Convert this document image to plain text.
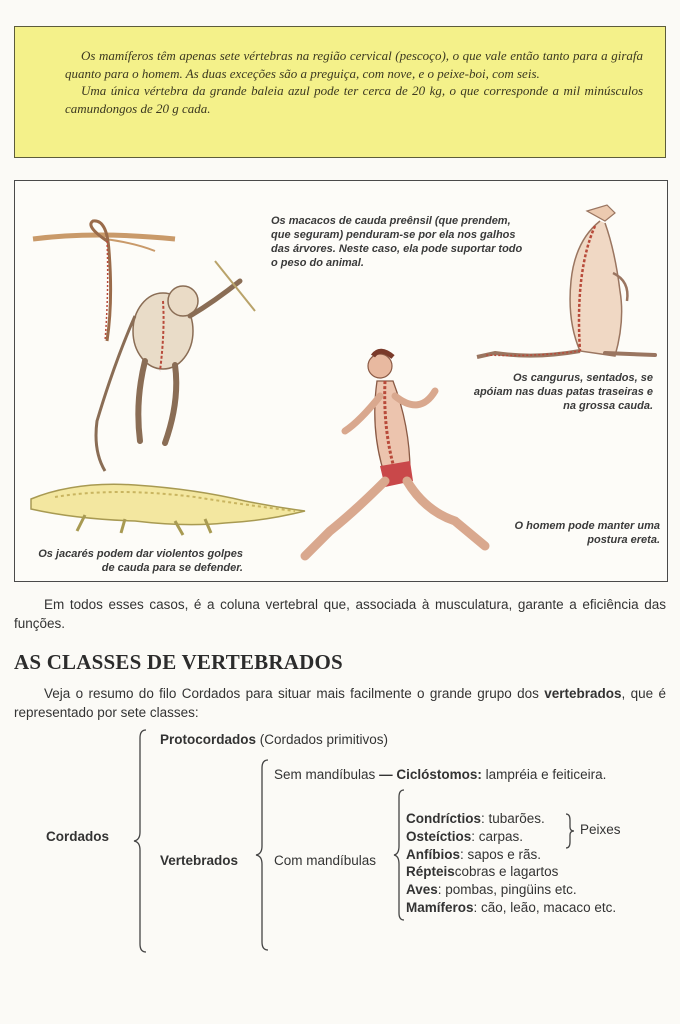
Os mamíferos têm apenas sete vértebras na região cervical (pescoço), o que vale então tanto para a girafa quanto para o homem. As duas exceções são a preguiça, com nove, e o peixe-boi, com seis.

Uma única vértebra da grande baleia azul pode ter cerca de 20 kg, o que corresponde a mil minúsculos camundongos de 20 g cada.

Os macacos de cauda preênsil (que prendem, que seguram) penduram-se por ela nos galhos das árvores. Neste caso, ela pode suportar todo o peso do animal.
Os cangurus, sentados, se apóiam nas duas patas traseiras e na grossa cauda.
O homem pode manter uma postura ereta.
Os jacarés podem dar violentos golpes de cauda para se defender.
Em todos esses casos, é a coluna vertebral que, associada à musculatura, garante a eficiência das funções.
AS CLASSES DE VERTEBRADOS
Veja o resumo do filo Cordados para situar mais facilmente o grande grupo dos vertebrados, que é representado por sete classes:
Cordados
Protocordados (Cordados primitivos)
Vertebrados
Sem mandíbulas — Ciclóstomos: lampréia e feiticeira.
Com mandíbulas
Condríctios: tubarões.
Osteíctios: carpas.
Anfíbios: sapos e rãs.
Répteiscobras e lagartos
Aves: pombas, pingüins etc.
Mamíferos: cão, leão, macaco etc.
Peixes
